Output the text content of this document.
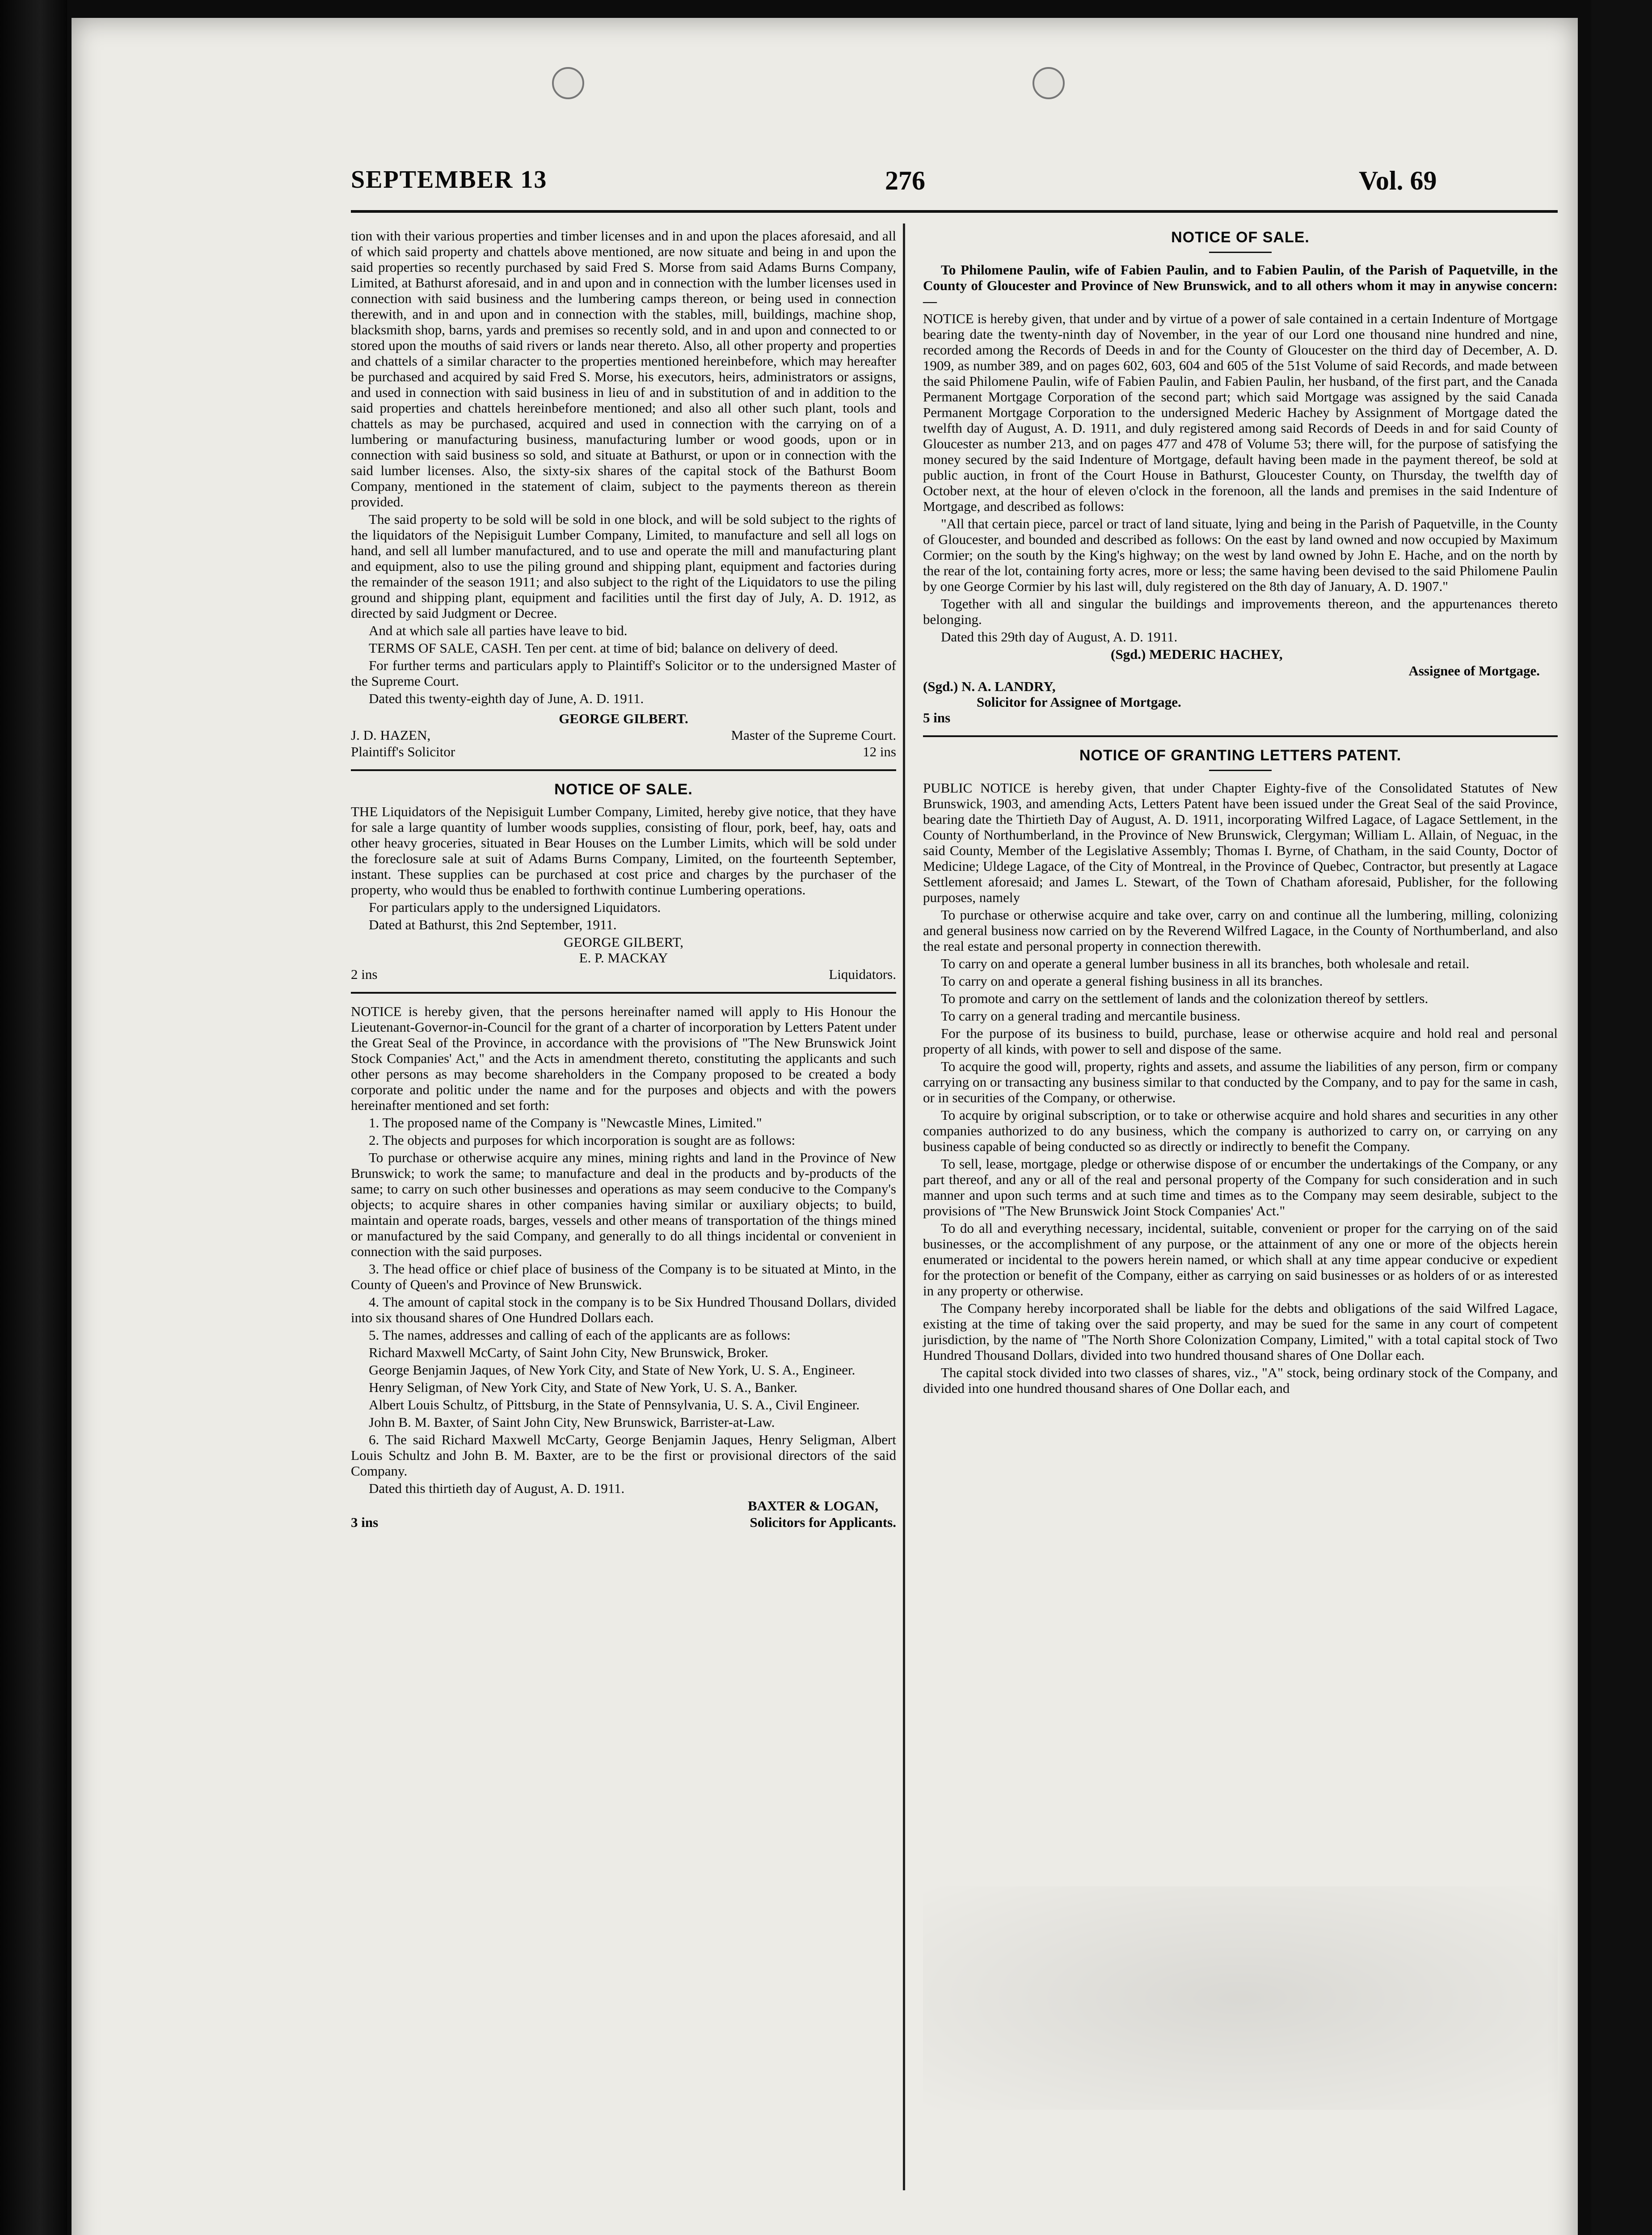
SEPTEMBER 13	276	Vol. 69

tion with their various properties and timber licenses and in and upon the places aforesaid, and all of which said property and chattels above mentioned, are now situate and being in and upon the said properties so recently purchased by said Fred S. Morse from said Adams Burns Company, Limited, at Bathurst aforesaid, and in and upon and in connection with the lumber licenses used in connection with said business and the lumbering camps thereon, or being used in connection therewith, and in and upon and in connection with the stables, mill, buildings, machine shop, blacksmith shop, barns, yards and premises so recently sold, and in and upon and connected to or stored upon the mouths of said rivers or lands near thereto. Also, all other property and properties and chattels of a similar character to the properties mentioned hereinbefore, which may hereafter be purchased and acquired by said Fred S. Morse, his executors, heirs, administrators or assigns, and used in connection with said business in lieu of and in substitution of and in addition to the said properties and chattels hereinbefore mentioned; and also all other such plant, tools and chattels as may be purchased, acquired and used in connection with the carrying on of a lumbering or manufacturing business, manufacturing lumber or wood goods, upon or in connection with said business so sold, and situate at Bathurst, or upon or in connection with the said lumber licenses. Also, the sixty-six shares of the capital stock of the Bathurst Boom Company, mentioned in the statement of claim, subject to the payments thereon as therein provided.

The said property to be sold will be sold in one block, and will be sold subject to the rights of the liquidators of the Nepisiguit Lumber Company, Limited, to manufacture and sell all logs on hand, and sell all lumber manufactured, and to use and operate the mill and manufacturing plant and equipment, also to use the piling ground and shipping plant, equipment and factories during the remainder of the season 1911; and also subject to the right of the Liquidators to use the piling ground and shipping plant, equipment and facilities until the first day of July, A. D. 1912, as directed by said Judgment or Decree.

And at which sale all parties have leave to bid.

TERMS OF SALE, CASH. Ten per cent. at time of bid; balance on delivery of deed.

For further terms and particulars apply to Plaintiff's Solicitor or to the undersigned Master of the Supreme Court.

Dated this twenty-eighth day of June, A. D. 1911.

GEORGE GILBERT.
J. D. HAZEN,	Master of the Supreme Court.
Plaintiff's Solicitor	12 ins
NOTICE OF SALE.

THE Liquidators of the Nepisiguit Lumber Company, Limited, hereby give notice, that they have for sale a large quantity of lumber woods supplies, consisting of flour, pork, beef, hay, oats and other heavy groceries, situated in Bear Houses on the Lumber Limits, which will be sold under the foreclosure sale at suit of Adams Burns Company, Limited, on the fourteenth September, instant. These supplies can be purchased at cost price and charges by the purchaser of the property, who would thus be enabled to forthwith continue Lumbering operations.

For particulars apply to the undersigned Liquidators.

Dated at Bathurst, this 2nd September, 1911.

GEORGE GILBERT,
E. P. MACKAY
2 ins	Liquidators.

NOTICE is hereby given, that the persons hereinafter named will apply to His Honour the Lieutenant-Governor-in-Council for the grant of a charter of incorporation by Letters Patent under the Great Seal of the Province, in accordance with the provisions of "The New Brunswick Joint Stock Companies' Act," and the Acts in amendment thereto, constituting the applicants and such other persons as may become shareholders in the Company proposed to be created a body corporate and politic under the name and for the purposes and objects and with the powers hereinafter mentioned and set forth:

1. The proposed name of the Company is "Newcastle Mines, Limited."

2. The objects and purposes for which incorporation is sought are as follows:

To purchase or otherwise acquire any mines, mining rights and land in the Province of New Brunswick; to work the same; to manufacture and deal in the products and by-products of the same; to carry on such other businesses and operations as may seem conducive to the Company's objects; to acquire shares in other companies having similar or auxiliary objects; to build, maintain and operate roads, barges, vessels and other means of transportation of the things mined or manufactured by the said Company, and generally to do all things incidental or convenient in connection with the said purposes.

3. The head office or chief place of business of the Company is to be situated at Minto, in the County of Queen's and Province of New Brunswick.

4. The amount of capital stock in the company is to be Six Hundred Thousand Dollars, divided into six thousand shares of One Hundred Dollars each.

5. The names, addresses and calling of each of the applicants are as follows:

Richard Maxwell McCarty, of Saint John City, New Brunswick, Broker.

George Benjamin Jaques, of New York City, and State of New York, U. S. A., Engineer.

Henry Seligman, of New York City, and State of New York, U. S. A., Banker.

Albert Louis Schultz, of Pittsburg, in the State of Pennsylvania, U. S. A., Civil Engineer.

John B. M. Baxter, of Saint John City, New Brunswick, Barrister-at-Law.

6. The said Richard Maxwell McCarty, George Benjamin Jaques, Henry Seligman, Albert Louis Schultz and John B. M. Baxter, are to be the first or provisional directors of the said Company.

Dated this thirtieth day of August, A. D. 1911.

BAXTER & LOGAN,
3 ins	Solicitors for Applicants.
NOTICE OF SALE.

To Philomene Paulin, wife of Fabien Paulin, and to Fabien Paulin, of the Parish of Paquetville, in the County of Gloucester and Province of New Brunswick, and to all others whom it may in anywise concern:—

NOTICE is hereby given, that under and by virtue of a power of sale contained in a certain Indenture of Mortgage bearing date the twenty-ninth day of November, in the year of our Lord one thousand nine hundred and nine, recorded among the Records of Deeds in and for the County of Gloucester on the third day of December, A. D. 1909, as number 389, and on pages 602, 603, 604 and 605 of the 51st Volume of said Records, and made between the said Philomene Paulin, wife of Fabien Paulin, and Fabien Paulin, her husband, of the first part, and the Canada Permanent Mortgage Corporation of the second part; which said Mortgage was assigned by the said Canada Permanent Mortgage Corporation to the undersigned Mederic Hachey by Assignment of Mortgage dated the twelfth day of August, A. D. 1911, and duly registered among said Records of Deeds in and for said County of Gloucester as number 213, and on pages 477 and 478 of Volume 53; there will, for the purpose of satisfying the money secured by the said Indenture of Mortgage, default having been made in the payment thereof, be sold at public auction, in front of the Court House in Bathurst, Gloucester County, on Thursday, the twelfth day of October next, at the hour of eleven o'clock in the forenoon, all the lands and premises in the said Indenture of Mortgage, and described as follows:

"All that certain piece, parcel or tract of land situate, lying and being in the Parish of Paquetville, in the County of Gloucester, and bounded and described as follows: On the east by land owned and now occupied by Maximum Cormier; on the south by the King's highway; on the west by land owned by John E. Hache, and on the north by the rear of the lot, containing forty acres, more or less; the same having been devised to the said Philomene Paulin by one George Cormier by his last will, duly registered on the 8th day of January, A. D. 1907."

Together with all and singular the buildings and improvements thereon, and the appurtenances thereto belonging.

Dated this 29th day of August, A. D. 1911.

(Sgd.) MEDERIC HACHEY,
Assignee of Mortgage.
(Sgd.) N. A. LANDRY,
Solicitor for Assignee of Mortgage.
5 ins
NOTICE OF GRANTING LETTERS PATENT.

PUBLIC NOTICE is hereby given, that under Chapter Eighty-five of the Consolidated Statutes of New Brunswick, 1903, and amending Acts, Letters Patent have been issued under the Great Seal of the said Province, bearing date the Thirtieth Day of August, A. D. 1911, incorporating Wilfred Lagace, of Lagace Settlement, in the County of Northumberland, in the Province of New Brunswick, Clergyman; William L. Allain, of Neguac, in the said County, Member of the Legislative Assembly; Thomas I. Byrne, of Chatham, in the said County, Doctor of Medicine; Uldege Lagace, of the City of Montreal, in the Province of Quebec, Contractor, but presently at Lagace Settlement aforesaid; and James L. Stewart, of the Town of Chatham aforesaid, Publisher, for the following purposes, namely

To purchase or otherwise acquire and take over, carry on and continue all the lumbering, milling, colonizing and general business now carried on by the Reverend Wilfred Lagace, in the County of Northumberland, and also the real estate and personal property in connection therewith.

To carry on and operate a general lumber business in all its branches, both wholesale and retail.

To carry on and operate a general fishing business in all its branches.

To promote and carry on the settlement of lands and the colonization thereof by settlers.

To carry on a general trading and mercantile business.

For the purpose of its business to build, purchase, lease or otherwise acquire and hold real and personal property of all kinds, with power to sell and dispose of the same.

To acquire the good will, property, rights and assets, and assume the liabilities of any person, firm or company carrying on or transacting any business similar to that conducted by the Company, and to pay for the same in cash, or in securities of the Company, or otherwise.

To acquire by original subscription, or to take or otherwise acquire and hold shares and securities in any other companies authorized to do any business, which the company is authorized to carry on, or carrying on any business capable of being conducted so as directly or indirectly to benefit the Company.

To sell, lease, mortgage, pledge or otherwise dispose of or encumber the undertakings of the Company, or any part thereof, and any or all of the real and personal property of the Company for such consideration and in such manner and upon such terms and at such time and times as to the Company may seem desirable, subject to the provisions of "The New Brunswick Joint Stock Companies' Act."

To do all and everything necessary, incidental, suitable, convenient or proper for the carrying on of the said businesses, or the accomplishment of any purpose, or the attainment of any one or more of the objects herein enumerated or incidental to the powers herein named, or which shall at any time appear conducive or expedient for the protection or benefit of the Company, either as carrying on said businesses or as holders of or as interested in any property or otherwise.

The Company hereby incorporated shall be liable for the debts and obligations of the said Wilfred Lagace, existing at the time of taking over the said property, and may be sued for the same in any court of competent jurisdiction, by the name of "The North Shore Colonization Company, Limited," with a total capital stock of Two Hundred Thousand Dollars, divided into two hundred thousand shares of One Dollar each.

The capital stock divided into two classes of shares, viz., "A" stock, being ordinary stock of the Company, and divided into one hundred thousand shares of One Dollar each, and
